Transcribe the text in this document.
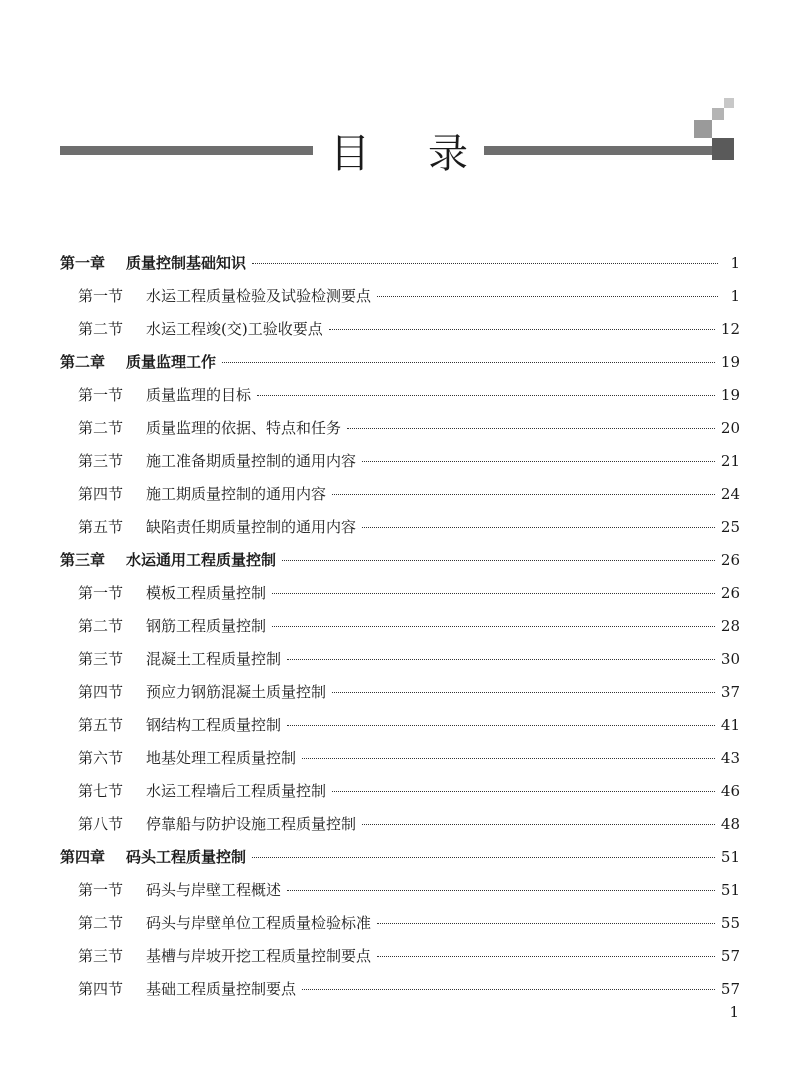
目 录
第一章	质量控制基础知识	1
第一节	水运工程质量检验及试验检测要点	1
第二节	水运工程竣(交)工验收要点	12
第二章	质量监理工作	19
第一节	质量监理的目标	19
第二节	质量监理的依据、特点和任务	20
第三节	施工准备期质量控制的通用内容	21
第四节	施工期质量控制的通用内容	24
第五节	缺陷责任期质量控制的通用内容	25
第三章	水运通用工程质量控制	26
第一节	模板工程质量控制	26
第二节	钢筋工程质量控制	28
第三节	混凝土工程质量控制	30
第四节	预应力钢筋混凝土质量控制	37
第五节	钢结构工程质量控制	41
第六节	地基处理工程质量控制	43
第七节	水运工程墙后工程质量控制	46
第八节	停靠船与防护设施工程质量控制	48
第四章	码头工程质量控制	51
第一节	码头与岸壁工程概述	51
第二节	码头与岸壁单位工程质量检验标准	55
第三节	基槽与岸坡开挖工程质量控制要点	57
第四节	基础工程质量控制要点	57
1
